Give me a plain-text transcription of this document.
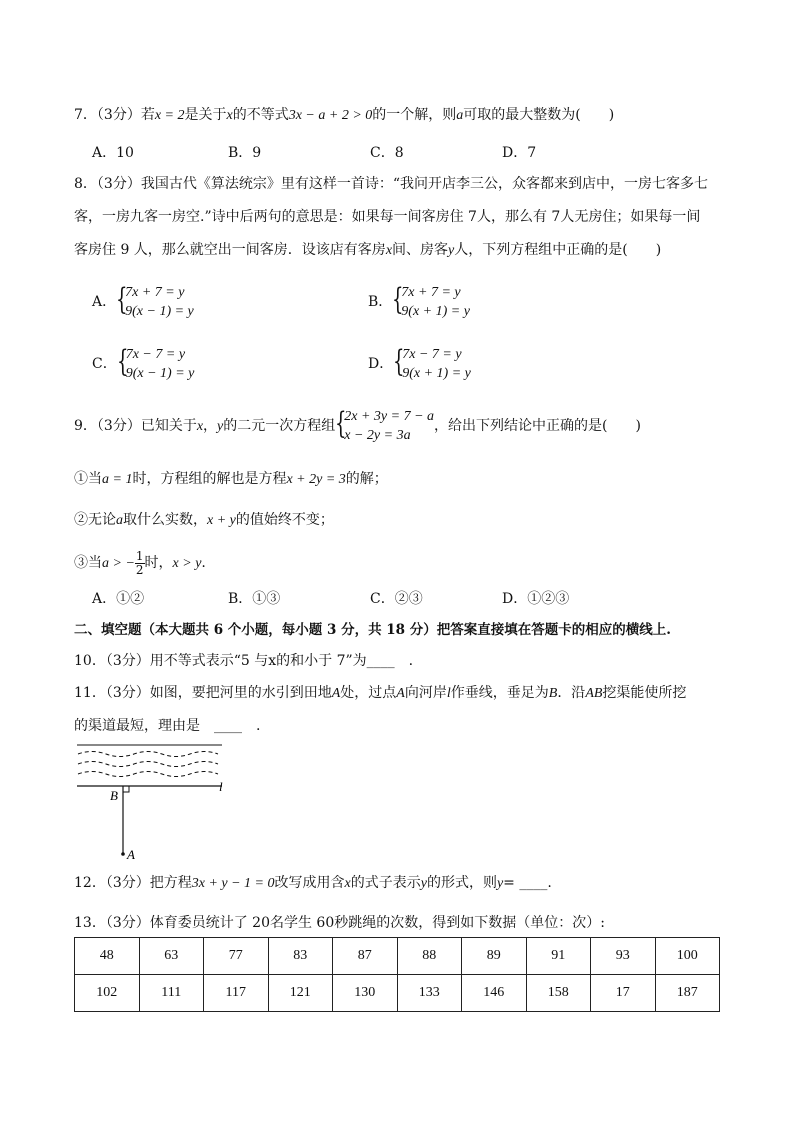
7．（3分）若x = 2是关于x的不等式3x − a + 2 > 0的一个解，则a可取的最大整数为(　　)
A．10	B．9	C．8	D．7
8．（3分）我国古代《算法统宗》里有这样一首诗：“我问开店李三公，众客都来到店中，一房七客多七
客，一房九客一房空.”诗中后两句的意思是：如果每一间客房住 7人，那么有 7人无房住；如果每一间
客房住 9 人，那么就空出一间客房．设该店有客房x间、房客y人，下列方程组中正确的是(　　)
A． {
7x + 7 = y
9(x − 1) = y
B． {
7x + 7 = y
9(x + 1) = y
C． {
7x − 7 = y
9(x − 1) = y
D． {
7x − 7 = y
9(x + 1) = y
9．（3分）已知关于x，y的二元一次方程组 {
2x + 3y = 7 − a
x − 2y = 3a
，给出下列结论中正确的是(　　)
①当a = 1时，方程组的解也是方程x + 2y = 3的解；
②无论a取什么实数，x + y的值始终不变；
③当a > − $\frac{1}{2}$ 时，x > y.
A．①②	B．①③	C．②③	D．①②③
二、填空题（本大题共 6 个小题，每小题 3 分，共 18 分）把答案直接填在答题卡的相应的横线上.
10．（3分）用不等式表示“5 与x的和小于 7”为____　.
11．（3分）如图，要把河里的水引到田地A处，过点A向河岸l作垂线，垂足为B．沿AB挖渠能使所挖
的渠道最短，理由是　____　.
B
l
A
12．（3分）把方程3x + y − 1 = 0改写成用含x的式子表示y的形式，则y= ____.
13．（3分）体育委员统计了 20名学生 60秒跳绳的次数，得到如下数据（单位：次）:
48	63	77	83	87	88	89	91	93	100
102	111	117	121	130	133	146	158	17	187
